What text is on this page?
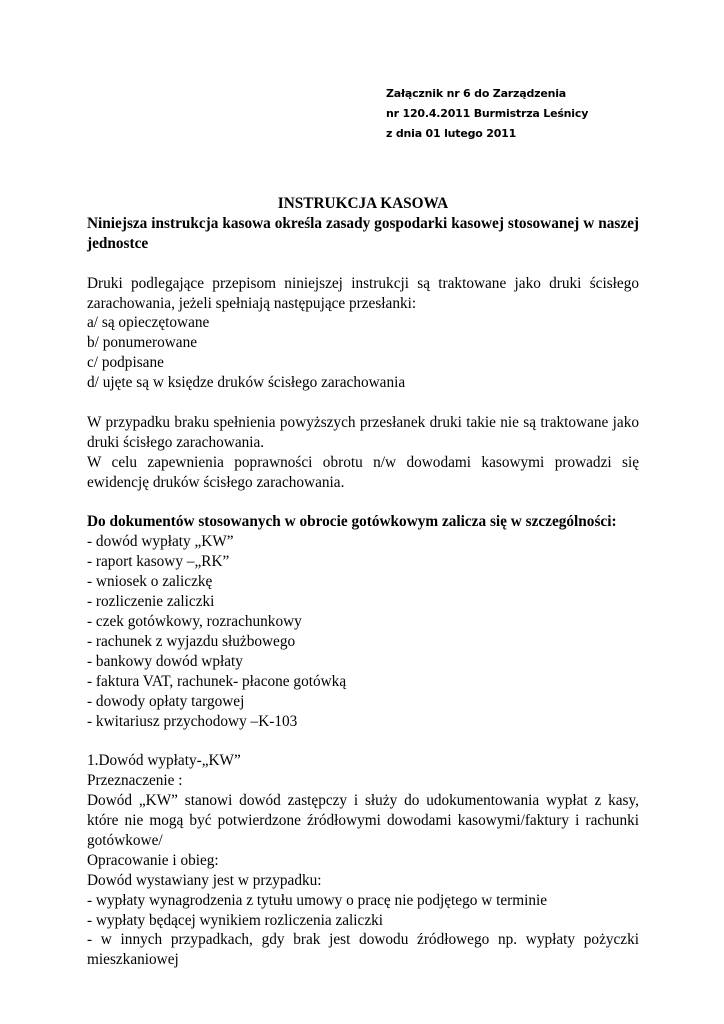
Załącznik nr 6 do Zarządzenia
nr 120.4.2011 Burmistrza Leśnicy
z dnia 01 lutego 2011
INSTRUKCJA KASOWA
Niniejsza instrukcja kasowa określa zasady gospodarki kasowej stosowanej w naszej jednostce
Druki podlegające przepisom niniejszej instrukcji są traktowane jako druki ścisłego zarachowania, jeżeli spełniają następujące przesłanki:
a/ są opieczętowane
b/ ponumerowane
c/ podpisane
d/ ujęte są w księdze druków ścisłego zarachowania
W przypadku braku spełnienia powyższych przesłanek druki takie nie są traktowane jako druki ścisłego zarachowania.
W celu zapewnienia poprawności obrotu n/w dowodami kasowymi prowadzi się ewidencję druków ścisłego zarachowania.
Do dokumentów stosowanych w obrocie gotówkowym zalicza się w szczególności:
- dowód wypłaty „KW”
- raport kasowy –„RK”
- wniosek o zaliczkę
- rozliczenie zaliczki
- czek gotówkowy, rozrachunkowy
- rachunek z wyjazdu służbowego
- bankowy dowód wpłaty
- faktura VAT, rachunek- płacone gotówką
- dowody opłaty targowej
- kwitariusz przychodowy –K-103
1.Dowód wypłaty-„KW”
Przeznaczenie :
Dowód „KW” stanowi dowód zastępczy i służy do udokumentowania wypłat z kasy, które nie mogą być potwierdzone źródłowymi dowodami kasowymi/faktury i rachunki gotówkowe/
Opracowanie i obieg:
Dowód wystawiany jest w przypadku:
- wypłaty wynagrodzenia z tytułu umowy o pracę nie podjętego w terminie
- wypłaty będącej wynikiem rozliczenia zaliczki
- w innych przypadkach, gdy brak jest dowodu źródłowego np. wypłaty pożyczki mieszkaniowej
